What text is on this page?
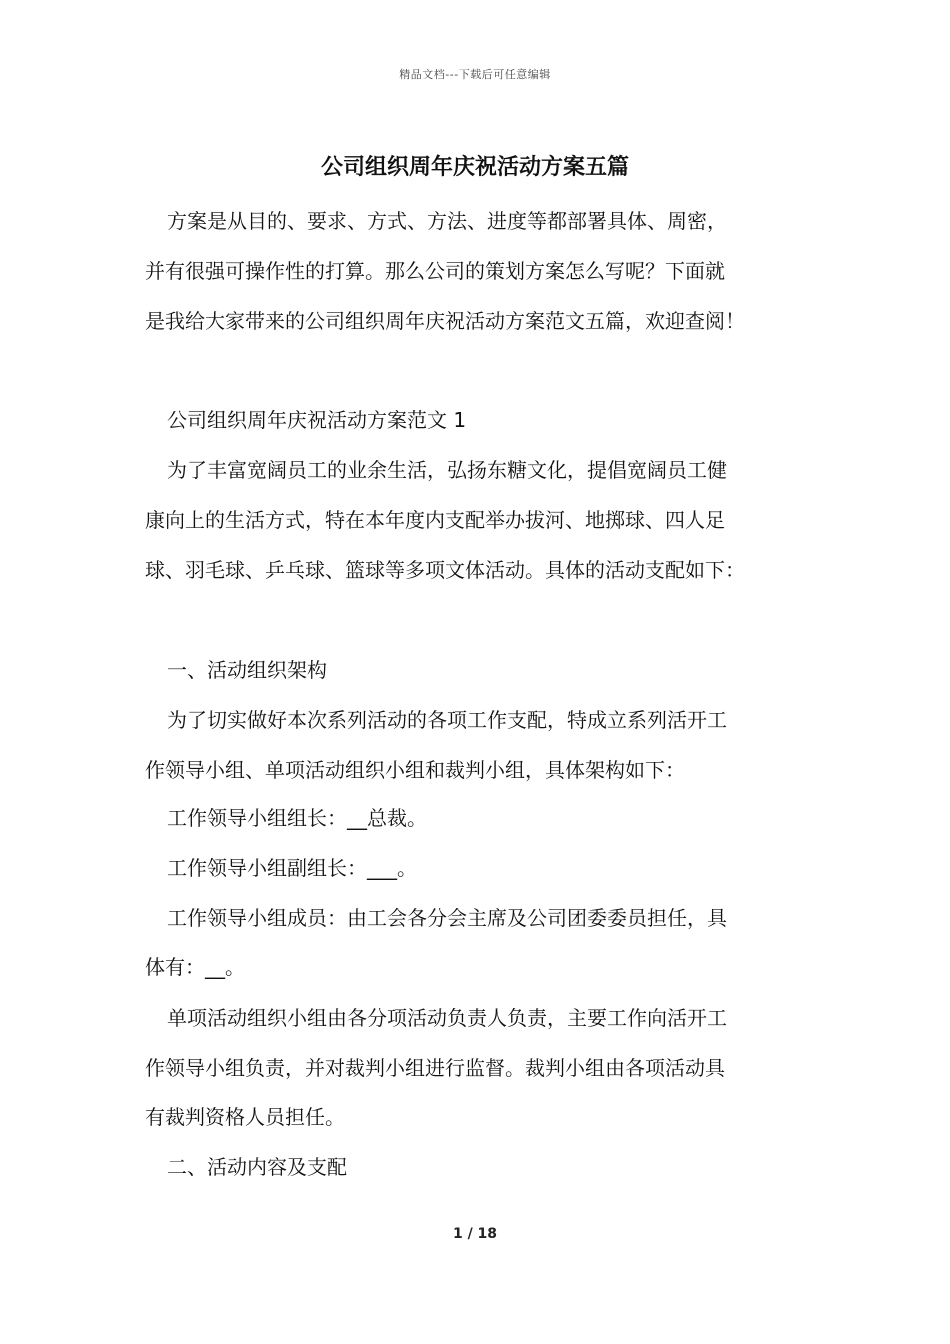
精品文档---下载后可任意编辑
公司组织周年庆祝活动方案五篇
方案是从目的、要求、方式、方法、进度等都部署具体、周密，
并有很强可操作性的打算。那么公司的策划方案怎么写呢？下面就
是我给大家带来的公司组织周年庆祝活动方案范文五篇，欢迎查阅！
公司组织周年庆祝活动方案范文 1
为了丰富宽阔员工的业余生活，弘扬东糖文化，提倡宽阔员工健
康向上的生活方式，特在本年度内支配举办拔河、地掷球、四人足
球、羽毛球、乒乓球、篮球等多项文体活动。具体的活动支配如下：
一、活动组织架构
为了切实做好本次系列活动的各项工作支配，特成立系列活开工
作领导小组、单项活动组织小组和裁判小组，具体架构如下：
工作领导小组组长：__总裁。
工作领导小组副组长：___。
工作领导小组成员：由工会各分会主席及公司团委委员担任，具
体有：__。
单项活动组织小组由各分项活动负责人负责，主要工作向活开工
作领导小组负责，并对裁判小组进行监督。裁判小组由各项活动具
有裁判资格人员担任。
二、活动内容及支配
1 / 18
